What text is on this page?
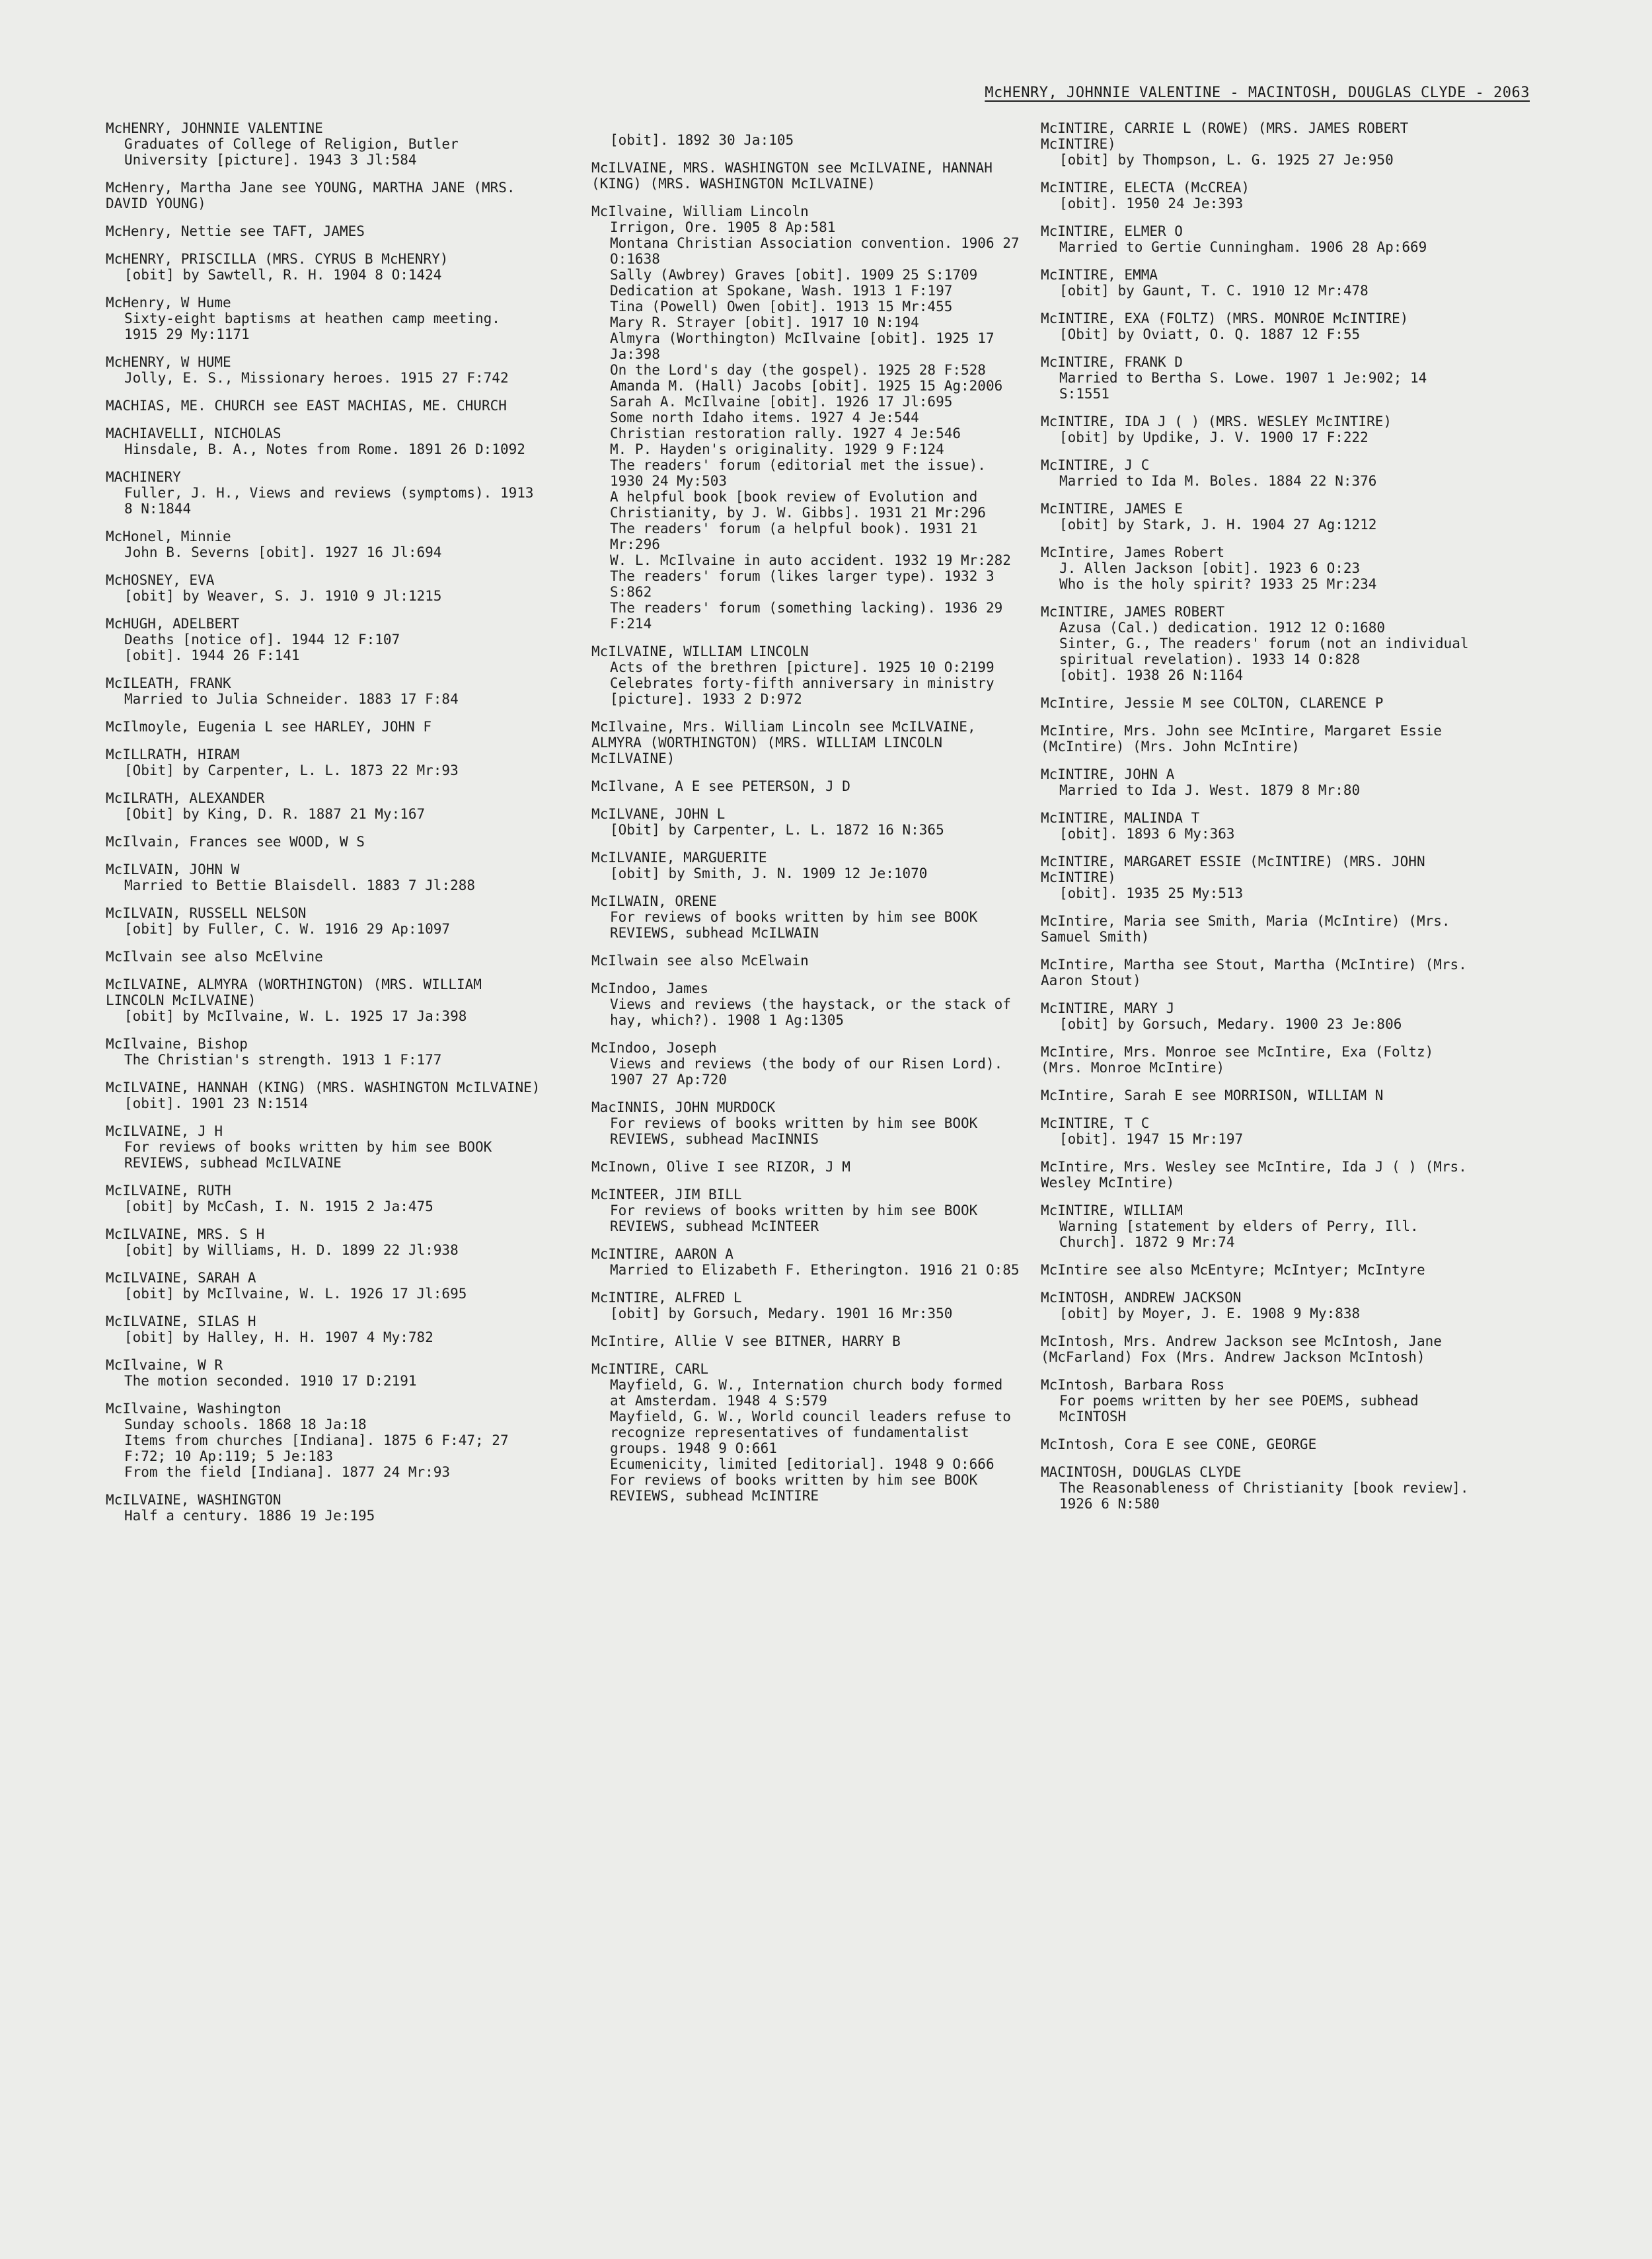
McHENRY, JOHNNIE VALENTINE - MACINTOSH, DOUGLAS CLYDE - 2063
McHENRY, JOHNNIE VALENTINE
Graduates of College of Religion, Butler University [picture]. 1943 3 Jl:584
McHenry, Martha Jane see YOUNG, MARTHA JANE (MRS. DAVID YOUNG)
McHenry, Nettie see TAFT, JAMES
McHENRY, PRISCILLA (MRS. CYRUS B McHENRY)
[obit] by Sawtell, R. H. 1904 8 O:1424
McHenry, W Hume
Sixty-eight baptisms at heathen camp meeting. 1915 29 My:1171
McHENRY, W HUME
Jolly, E. S., Missionary heroes. 1915 27 F:742
MACHIAS, ME. CHURCH see EAST MACHIAS, ME. CHURCH
MACHIAVELLI, NICHOLAS
Hinsdale, B. A., Notes from Rome. 1891 26 D:1092
MACHINERY
Fuller, J. H., Views and reviews (symptoms). 1913 8 N:1844
McHonel, Minnie
John B. Severns [obit]. 1927 16 Jl:694
McHOSNEY, EVA
[obit] by Weaver, S. J. 1910 9 Jl:1215
McHUGH, ADELBERT
Deaths [notice of]. 1944 12 F:107
[obit]. 1944 26 F:141
McILEATH, FRANK
Married to Julia Schneider. 1883 17 F:84
McIlmoyle, Eugenia L see HARLEY, JOHN F
McILLRATH, HIRAM
[Obit] by Carpenter, L. L. 1873 22 Mr:93
McILRATH, ALEXANDER
[Obit] by King, D. R. 1887 21 My:167
McIlvain, Frances see WOOD, W S
McILVAIN, JOHN W
Married to Bettie Blaisdell. 1883 7 Jl:288
McILVAIN, RUSSELL NELSON
[obit] by Fuller, C. W. 1916 29 Ap:1097
McIlvain see also McElvine
McILVAINE, ALMYRA (WORTHINGTON) (MRS. WILLIAM LINCOLN McILVAINE)
[obit] by McIlvaine, W. L. 1925 17 Ja:398
McIlvaine, Bishop
The Christian's strength. 1913 1 F:177
McILVAINE, HANNAH (KING) (MRS. WASHINGTON McILVAINE)
[obit]. 1901 23 N:1514
McILVAINE, J H
For reviews of books written by him see BOOK REVIEWS, subhead McILVAINE
McILVAINE, RUTH
[obit] by McCash, I. N. 1915 2 Ja:475
McILVAINE, MRS. S H
[obit] by Williams, H. D. 1899 22 Jl:938
McILVAINE, SARAH A
[obit] by McIlvaine, W. L. 1926 17 Jl:695
McILVAINE, SILAS H
[obit] by Halley, H. H. 1907 4 My:782
McIlvaine, W R
The motion seconded. 1910 17 D:2191
McIlvaine, Washington
Sunday schools. 1868 18 Ja:18
Items from churches [Indiana]. 1875 6 F:47; 27 F:72; 10 Ap:119; 5 Je:183
From the field [Indiana]. 1877 24 Mr:93
McILVAINE, WASHINGTON
Half a century. 1886 19 Je:195
[obit]. 1892 30 Ja:105
McILVAINE, MRS. WASHINGTON see McILVAINE, HANNAH (KING) (MRS. WASHINGTON McILVAINE)
McIlvaine, William Lincoln
Irrigon, Ore. 1905 8 Ap:581
Montana Christian Association convention. 1906 27 O:1638
Sally (Awbrey) Graves [obit]. 1909 25 S:1709
Dedication at Spokane, Wash. 1913 1 F:197
Tina (Powell) Owen [obit]. 1913 15 Mr:455
Mary R. Strayer [obit]. 1917 10 N:194
Almyra (Worthington) McIlvaine [obit]. 1925 17 Ja:398
On the Lord's day (the gospel). 1925 28 F:528
Amanda M. (Hall) Jacobs [obit]. 1925 15 Ag:2006
Sarah A. McIlvaine [obit]. 1926 17 Jl:695
Some north Idaho items. 1927 4 Je:544
Christian restoration rally. 1927 4 Je:546
M. P. Hayden's originality. 1929 9 F:124
The readers' forum (editorial met the issue). 1930 24 My:503
A helpful book [book review of Evolution and Christianity, by J. W. Gibbs]. 1931 21 Mr:296
The readers' forum (a helpful book). 1931 21 Mr:296
W. L. McIlvaine in auto accident. 1932 19 Mr:282
The readers' forum (likes larger type). 1932 3 S:862
The readers' forum (something lacking). 1936 29 F:214
McILVAINE, WILLIAM LINCOLN
Acts of the brethren [picture]. 1925 10 O:2199
Celebrates forty-fifth anniversary in ministry [picture]. 1933 2 D:972
McIlvaine, Mrs. William Lincoln see McILVAINE, ALMYRA (WORTHINGTON) (MRS. WILLIAM LINCOLN McILVAINE)
McIlvane, A E see PETERSON, J D
McILVANE, JOHN L
[Obit] by Carpenter, L. L. 1872 16 N:365
McILVANIE, MARGUERITE
[obit] by Smith, J. N. 1909 12 Je:1070
McILWAIN, ORENE
For reviews of books written by him see BOOK REVIEWS, subhead McILWAIN
McIlwain see also McElwain
McIndoo, James
Views and reviews (the haystack, or the stack of hay, which?). 1908 1 Ag:1305
McIndoo, Joseph
Views and reviews (the body of our Risen Lord). 1907 27 Ap:720
MacINNIS, JOHN MURDOCK
For reviews of books written by him see BOOK REVIEWS, subhead MacINNIS
McInown, Olive I see RIZOR, J M
McINTEER, JIM BILL
For reviews of books written by him see BOOK REVIEWS, subhead McINTEER
McINTIRE, AARON A
Married to Elizabeth F. Etherington. 1916 21 O:85
McINTIRE, ALFRED L
[obit] by Gorsuch, Medary. 1901 16 Mr:350
McIntire, Allie V see BITNER, HARRY B
McINTIRE, CARL
Mayfield, G. W., Internation church body formed at Amsterdam. 1948 4 S:579
Mayfield, G. W., World council leaders refuse to recognize representatives of fundamentalist groups. 1948 9 O:661
Ecumenicity, limited [editorial]. 1948 9 O:666
For reviews of books written by him see BOOK REVIEWS, subhead McINTIRE
McINTIRE, CARRIE L (ROWE) (MRS. JAMES ROBERT McINTIRE)
[obit] by Thompson, L. G. 1925 27 Je:950
McINTIRE, ELECTA (McCREA)
[obit]. 1950 24 Je:393
McINTIRE, ELMER O
Married to Gertie Cunningham. 1906 28 Ap:669
McINTIRE, EMMA
[obit] by Gaunt, T. C. 1910 12 Mr:478
McINTIRE, EXA (FOLTZ) (MRS. MONROE McINTIRE)
[Obit] by Oviatt, O. Q. 1887 12 F:55
McINTIRE, FRANK D
Married to Bertha S. Lowe. 1907 1 Je:902; 14 S:1551
McINTIRE, IDA J ( ) (MRS. WESLEY McINTIRE)
[obit] by Updike, J. V. 1900 17 F:222
McINTIRE, J C
Married to Ida M. Boles. 1884 22 N:376
McINTIRE, JAMES E
[obit] by Stark, J. H. 1904 27 Ag:1212
McIntire, James Robert
J. Allen Jackson [obit]. 1923 6 O:23
Who is the holy spirit? 1933 25 Mr:234
McINTIRE, JAMES ROBERT
Azusa (Cal.) dedication. 1912 12 O:1680
Sinter, G., The readers' forum (not an individual spiritual revelation). 1933 14 O:828
[obit]. 1938 26 N:1164
McIntire, Jessie M see COLTON, CLARENCE P
McIntire, Mrs. John see McIntire, Margaret Essie (McIntire) (Mrs. John McIntire)
McINTIRE, JOHN A
Married to Ida J. West. 1879 8 Mr:80
McINTIRE, MALINDA T
[obit]. 1893 6 My:363
McINTIRE, MARGARET ESSIE (McINTIRE) (MRS. JOHN McINTIRE)
[obit]. 1935 25 My:513
McIntire, Maria see Smith, Maria (McIntire) (Mrs. Samuel Smith)
McIntire, Martha see Stout, Martha (McIntire) (Mrs. Aaron Stout)
McINTIRE, MARY J
[obit] by Gorsuch, Medary. 1900 23 Je:806
McIntire, Mrs. Monroe see McIntire, Exa (Foltz) (Mrs. Monroe McIntire)
McIntire, Sarah E see MORRISON, WILLIAM N
McINTIRE, T C
[obit]. 1947 15 Mr:197
McIntire, Mrs. Wesley see McIntire, Ida J ( ) (Mrs. Wesley McIntire)
McINTIRE, WILLIAM
Warning [statement by elders of Perry, Ill. Church]. 1872 9 Mr:74
McIntire see also McEntyre; McIntyer; McIntyre
McINTOSH, ANDREW JACKSON
[obit] by Moyer, J. E. 1908 9 My:838
McIntosh, Mrs. Andrew Jackson see McIntosh, Jane (McFarland) Fox (Mrs. Andrew Jackson McIntosh)
McIntosh, Barbara Ross
For poems written by her see POEMS, subhead McINTOSH
McIntosh, Cora E see CONE, GEORGE
MACINTOSH, DOUGLAS CLYDE
The Reasonableness of Christianity [book review]. 1926 6 N:580
